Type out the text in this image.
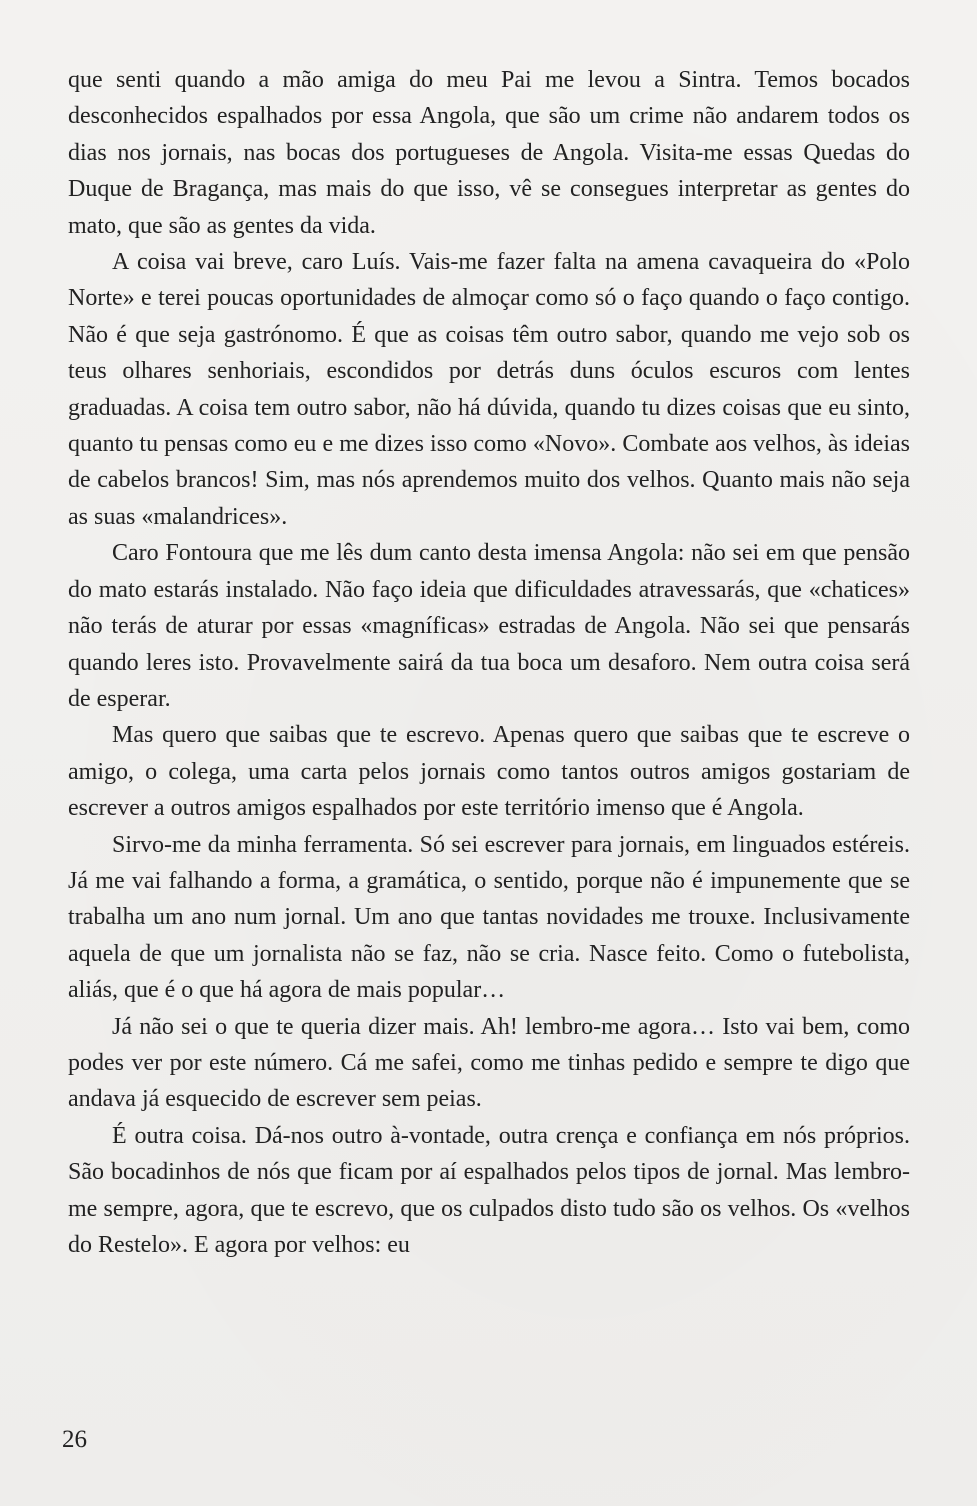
que senti quando a mão amiga do meu Pai me levou a Sintra. Temos bocados desconhecidos espalhados por essa Angola, que são um crime não andarem todos os dias nos jornais, nas bocas dos portugueses de Angola. Visita-me essas Quedas do Duque de Bragança, mas mais do que isso, vê se consegues interpretar as gentes do mato, que são as gentes da vida.

A coisa vai breve, caro Luís. Vais-me fazer falta na amena cavaqueira do «Polo Norte» e terei poucas oportunidades de almoçar como só o faço quando o faço contigo. Não é que seja gastrónomo. É que as coisas têm outro sabor, quando me vejo sob os teus olhares senhoriais, escondidos por detrás duns óculos escuros com lentes graduadas. A coisa tem outro sabor, não há dúvida, quando tu dizes coisas que eu sinto, quanto tu pensas como eu e me dizes isso como «Novo». Combate aos velhos, às ideias de cabelos brancos! Sim, mas nós aprendemos muito dos velhos. Quanto mais não seja as suas «malandrices».

Caro Fontoura que me lês dum canto desta imensa Angola: não sei em que pensão do mato estarás instalado. Não faço ideia que dificuldades atravessarás, que «chatices» não terás de aturar por essas «magníficas» estradas de Angola. Não sei que pensarás quando leres isto. Provavelmente sairá da tua boca um desaforo. Nem outra coisa será de esperar.

Mas quero que saibas que te escrevo. Apenas quero que saibas que te escreve o amigo, o colega, uma carta pelos jornais como tantos outros amigos gostariam de escrever a outros amigos espalhados por este território imenso que é Angola.

Sirvo-me da minha ferramenta. Só sei escrever para jornais, em linguados estéreis. Já me vai falhando a forma, a gramática, o sentido, porque não é impunemente que se trabalha um ano num jornal. Um ano que tantas novidades me trouxe. Inclusivamente aquela de que um jornalista não se faz, não se cria. Nasce feito. Como o futebolista, aliás, que é o que há agora de mais popular…

Já não sei o que te queria dizer mais. Ah! lembro-me agora… Isto vai bem, como podes ver por este número. Cá me safei, como me tinhas pedido e sempre te digo que andava já esquecido de escrever sem peias.

É outra coisa. Dá-nos outro à-vontade, outra crença e confiança em nós próprios. São bocadinhos de nós que ficam por aí espalhados pelos tipos de jornal. Mas lembro-me sempre, agora, que te escrevo, que os culpados disto tudo são os velhos. Os «velhos do Restelo». E agora por velhos: eu

26
